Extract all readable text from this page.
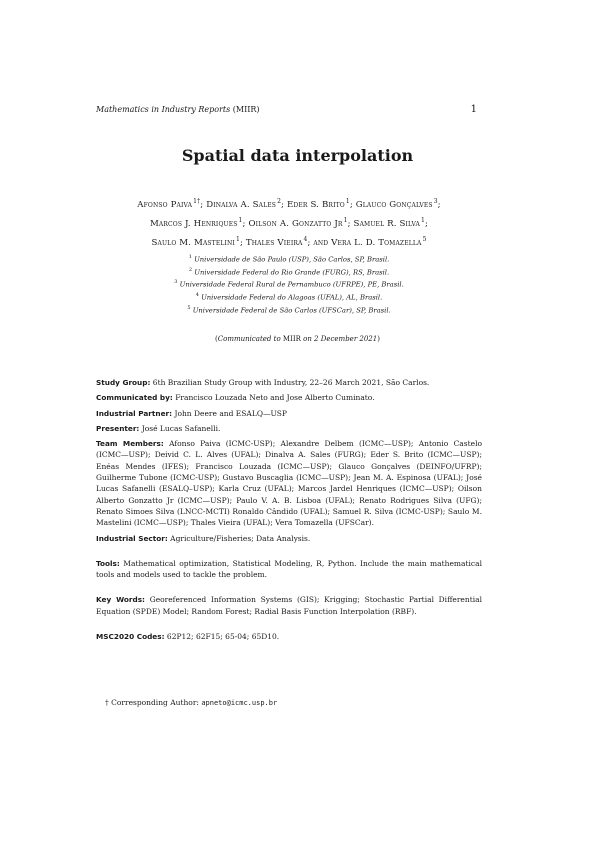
Mathematics in Industry Reports (MIIR)	1
Spatial data interpolation
Afonso Paiva $^{1\dagger}$; Dinalva A. Sales $^2$; Eder S. Brito $^1$; Glauco Gonçalves $^3$;
Marcos J. Henriques $^1$; Oilson A. Gonzatto Jr $^1$; Samuel R. Silva $^1$;
Saulo M. Mastelini $^1$; Thales Vieira $^4$; and Vera L. D. Tomazella $^5$
$^1$ Universidade de São Paulo (USP), São Carlos, SP, Brasil.
$^2$ Universidade Federal do Rio Grande (FURG), RS, Brasil.
$^3$ Universidade Federal Rural de Pernambuco (UFRPE), PE, Brasil.
$^4$ Universidade Federal do Alagoas (UFAL), AL, Brasil.
$^5$ Universidade Federal de São Carlos (UFSCar), SP, Brasil.
(Communicated to MIIR on 2 December 2021)

Study Group: 6th Brazilian Study Group with Industry, 22–26 March 2021, São Carlos.

Communicated by: Francisco Louzada Neto and Jose Alberto Cuminato.

Industrial Partner: John Deere and ESALQ—USP

Presenter: José Lucas Safanelli.

Team Members: Afonso Paiva (ICMC-USP); Alexandre Delbem (ICMC—USP); Antonio Castelo (ICMC—USP); Deivid C. L. Alves (UFAL); Dinalva A. Sales (FURG); Eder S. Brito (ICMC—USP); Enéas Mendes (IFES); Francisco Louzada (ICMC—USP); Glauco Gonçalves (DEINFO/UFRP); Guilherme Tubone (ICMC-USP); Gustavo Buscaglia (ICMC—USP); Jean M. A. Espinosa (UFAL); José Lucas Safanelli (ESALQ–USP); Karla Cruz (UFAL); Marcos Jardel Henriques (ICMC—USP); Oilson Alberto Gonzatto Jr (ICMC—USP); Paulo V. A. B. Lisboa (UFAL); Renato Rodrigues Silva (UFG); Renato Simoes Silva (LNCC-MCTI) Ronaldo Cândido (UFAL); Samuel R. Silva (ICMC-USP); Saulo M. Mastelini (ICMC—USP); Thales Vieira (UFAL); Vera Tomazella (UFSCar).

Industrial Sector: Agriculture/Fisheries; Data Analysis.

Tools: Mathematical optimization, Statistical Modeling, R, Python. Include the main mathematical tools and models used to tackle the problem.

Key Words: Georeferenced Information Systems (GIS); Krigging; Stochastic Partial Differential Equation (SPDE) Model; Random Forest; Radial Basis Function Interpolation (RBF).

MSC2020 Codes: 62P12; 62F15; 65-04; 65D10.

† Corresponding Author: apneto@icmc.usp.br
